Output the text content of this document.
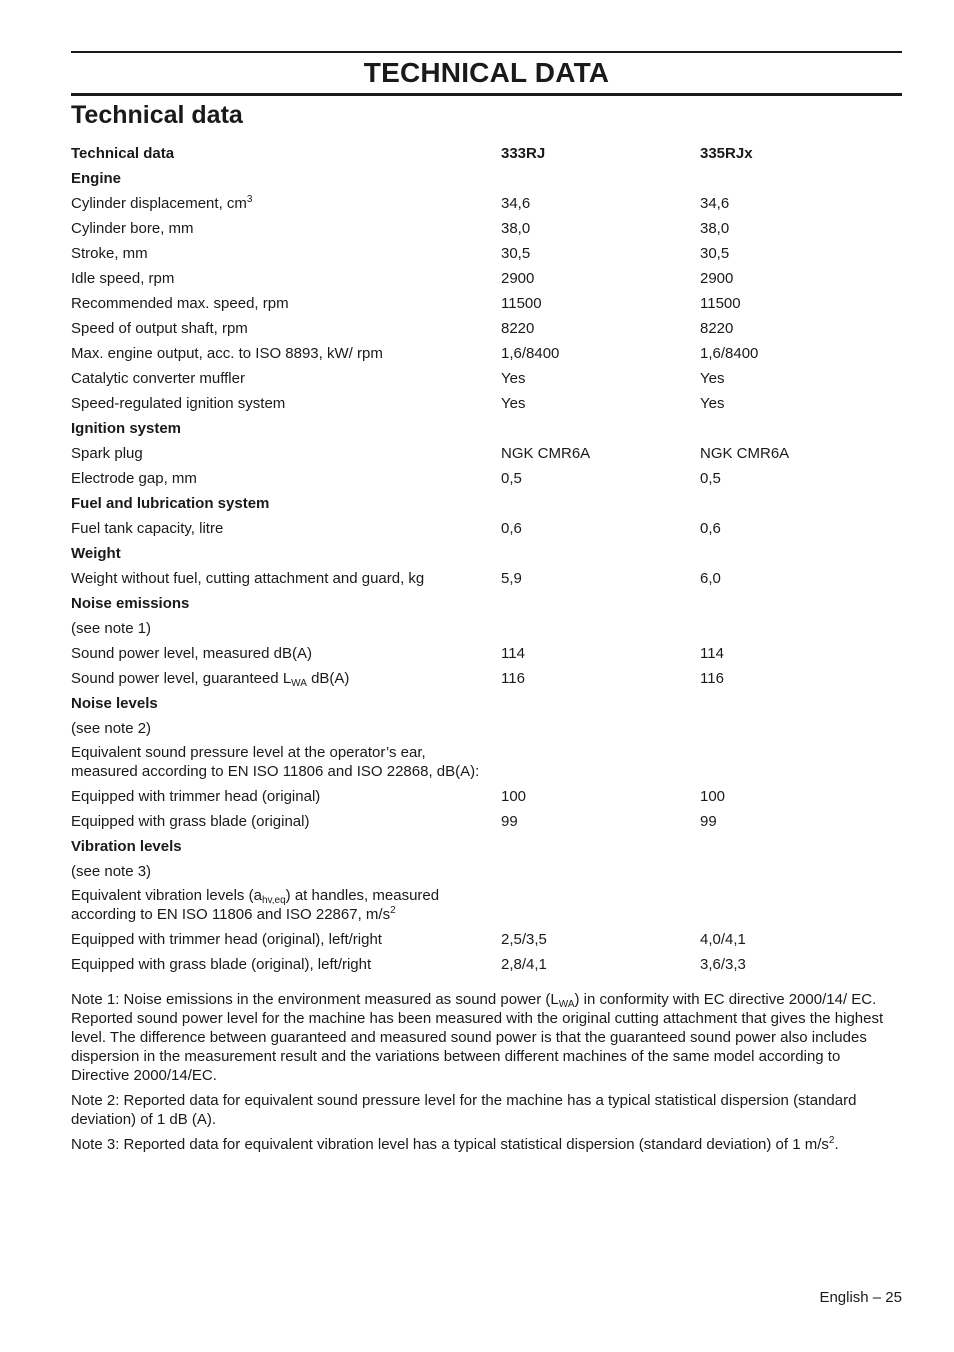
TECHNICAL DATA
Technical data
Technical data	333RJ	335RJx
Engine
Cylinder displacement, $cm^3$	34,6	34,6
Cylinder bore, mm	38,0	38,0
Stroke, mm	30,5	30,5
Idle speed, rpm	2900	2900
Recommended max. speed, rpm	11500	11500
Speed of output shaft, rpm	8220	8220
Max. engine output, acc. to ISO 8893, kW/ rpm	1,6/8400	1,6/8400
Catalytic converter muffler	Yes	Yes
Speed-regulated ignition system	Yes	Yes
Ignition system
Spark plug	NGK CMR6A	NGK CMR6A
Electrode gap, mm	0,5	0,5
Fuel and lubrication system
Fuel tank capacity, litre	0,6	0,6
Weight
Weight without fuel, cutting attachment and guard, kg	5,9	6,0
Noise emissions
(see note 1)
Sound power level, measured dB(A)	114	114
Sound power level, guaranteed $L_{WA}$ dB(A)	116	116
Noise levels
(see note 2)
Equivalent sound pressure level at the operator’s ear,
measured according to EN ISO 11806 and ISO 22868, dB(A):
Equipped with trimmer head (original)	100	100
Equipped with grass blade (original)	99	99
Vibration levels
(see note 3)
Equivalent vibration levels $(a_{hv,eq})$ at handles, measured
according to EN ISO 11806 and ISO 22867, $m/s^2$
Equipped with trimmer head (original), left/right	2,5/3,5	4,0/4,1
Equipped with grass blade (original), left/right	2,8/4,1	3,6/3,3

Note 1: Noise emissions in the environment measured as sound power $(L_{WA})$ in conformity with EC directive 2000/14/ EC. Reported sound power level for the machine has been measured with the original cutting attachment that gives the highest level. The difference between guaranteed and measured sound power is that the guaranteed sound power also includes dispersion in the measurement result and the variations between different machines of the same model according to Directive 2000/14/EC.

Note 2: Reported data for equivalent sound pressure level for the machine has a typical statistical dispersion (standard deviation) of 1 dB (A).

Note 3: Reported data for equivalent vibration level has a typical statistical dispersion (standard deviation) of 1 $m/s^2$.

English – 25
